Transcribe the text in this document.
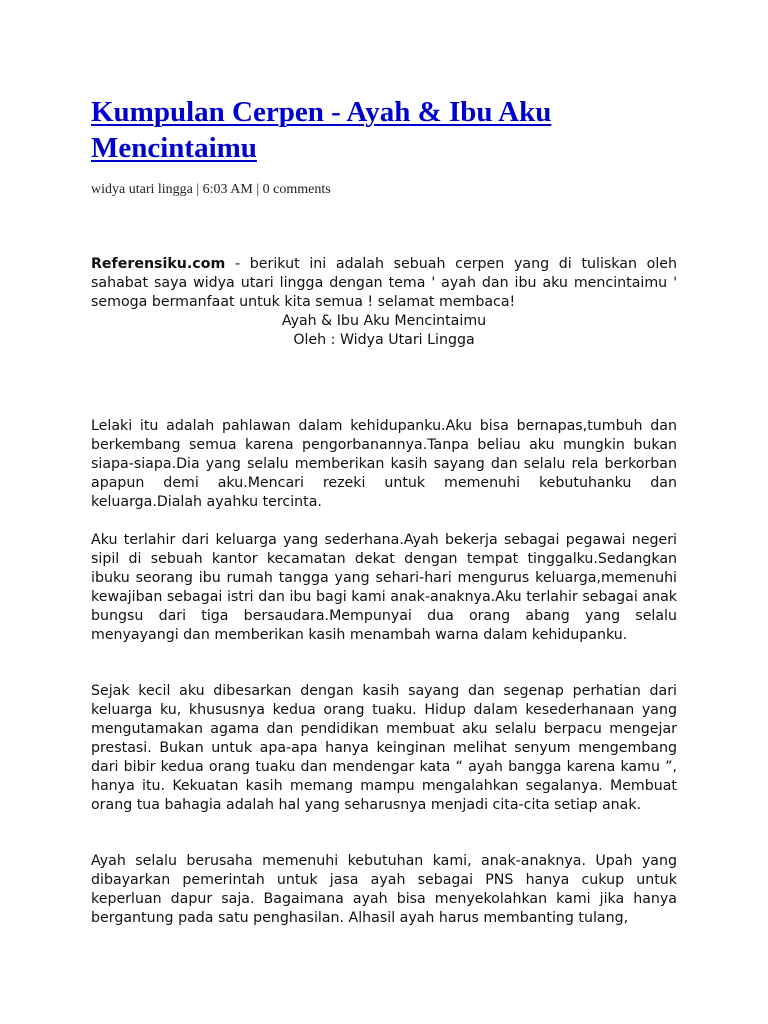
Kumpulan Cerpen - Ayah & Ibu Aku Mencintaimu
widya utari lingga | 6:03 AM | 0 comments

Referensiku.com - berikut ini adalah sebuah cerpen yang di tuliskan oleh sahabat saya widya utari lingga dengan tema ' ayah dan ibu aku mencintaimu ' semoga bermanfaat untuk kita semua ! selamat membaca!

Ayah & Ibu Aku Mencintaimu

Oleh : Widya Utari Lingga

Lelaki itu adalah pahlawan dalam kehidupanku.Aku bisa bernapas,tumbuh dan berkembang semua karena pengorbanannya.Tanpa beliau aku mungkin bukan siapa-siapa.Dia yang selalu memberikan kasih sayang dan selalu rela berkorban apapun demi aku.Mencari rezeki untuk memenuhi kebutuhanku dan keluarga.Dialah ayahku tercinta.

Aku terlahir dari keluarga yang sederhana.Ayah bekerja sebagai pegawai negeri sipil di sebuah kantor kecamatan dekat dengan tempat tinggalku.Sedangkan ibuku seorang ibu rumah tangga yang sehari-hari mengurus keluarga,memenuhi kewajiban sebagai istri dan ibu bagi kami anak-anaknya.Aku terlahir sebagai anak bungsu dari tiga bersaudara.Mempunyai dua orang abang yang selalu menyayangi dan memberikan kasih menambah warna dalam kehidupanku.

Sejak kecil aku dibesarkan dengan kasih sayang dan segenap perhatian dari keluarga ku, khususnya kedua orang tuaku. Hidup dalam kesederhanaan yang mengutamakan agama dan pendidikan membuat aku selalu berpacu mengejar prestasi. Bukan untuk apa-apa hanya keinginan melihat senyum mengembang dari bibir kedua orang tuaku dan mendengar kata “ ayah bangga karena kamu ”, hanya itu. Kekuatan kasih memang mampu mengalahkan segalanya. Membuat orang tua bahagia adalah hal yang seharusnya menjadi cita-cita setiap anak.

Ayah selalu berusaha memenuhi kebutuhan kami, anak-anaknya. Upah yang dibayarkan pemerintah untuk jasa ayah sebagai PNS hanya cukup untuk keperluan dapur saja. Bagaimana ayah bisa menyekolahkan kami jika hanya bergantung pada satu penghasilan. Alhasil ayah harus membanting tulang,
